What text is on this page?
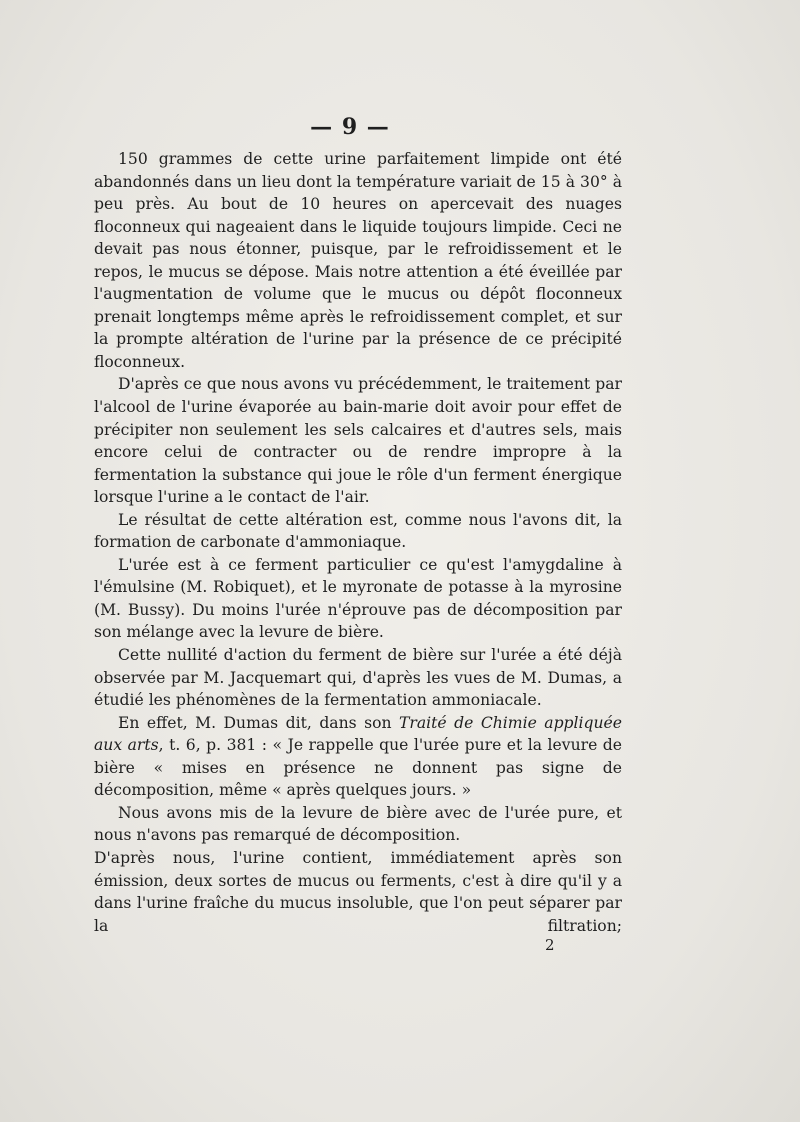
— 9 —

150 grammes de cette urine parfaitement limpide ont été abandonnés dans un lieu dont la température variait de 15 à 30° à peu près. Au bout de 10 heures on apercevait des nuages floconneux qui nageaient dans le liquide toujours limpide. Ceci ne devait pas nous étonner, puisque, par le refroidissement et le repos, le mucus se dépose. Mais notre attention a été éveillée par l'augmentation de volume que le mucus ou dépôt floconneux prenait longtemps même après le refroidissement complet, et sur la prompte altération de l'urine par la présence de ce précipité floconneux.

D'après ce que nous avons vu précédemment, le traitement par l'alcool de l'urine évaporée au bain-marie doit avoir pour effet de précipiter non seulement les sels calcaires et d'autres sels, mais encore celui de contracter ou de rendre impropre à la fermentation la substance qui joue le rôle d'un ferment énergique lorsque l'urine a le contact de l'air.

Le résultat de cette altération est, comme nous l'avons dit, la formation de carbonate d'ammoniaque.

L'urée est à ce ferment particulier ce qu'est l'amygdaline à l'émulsine (M. Robiquet), et le myronate de potasse à la myrosine (M. Bussy). Du moins l'urée n'éprouve pas de décomposition par son mélange avec la levure de bière.

Cette nullité d'action du ferment de bière sur l'urée a été déjà observée par M. Jacquemart qui, d'après les vues de M. Dumas, a étudié les phénomènes de la fermentation ammoniacale.

En effet, M. Dumas dit, dans son Traité de Chimie appliquée aux arts, t. 6, p. 381 : « Je rappelle que l'urée pure et la levure de bière « mises en présence ne donnent pas signe de décomposition, même « après quelques jours. »

Nous avons mis de la levure de bière avec de l'urée pure, et nous n'avons pas remarqué de décomposition.

D'après nous, l'urine contient, immédiatement après son émission, deux sortes de mucus ou ferments, c'est à dire qu'il y a dans l'urine fraîche du mucus insoluble, que l'on peut séparer par la filtration;

2
